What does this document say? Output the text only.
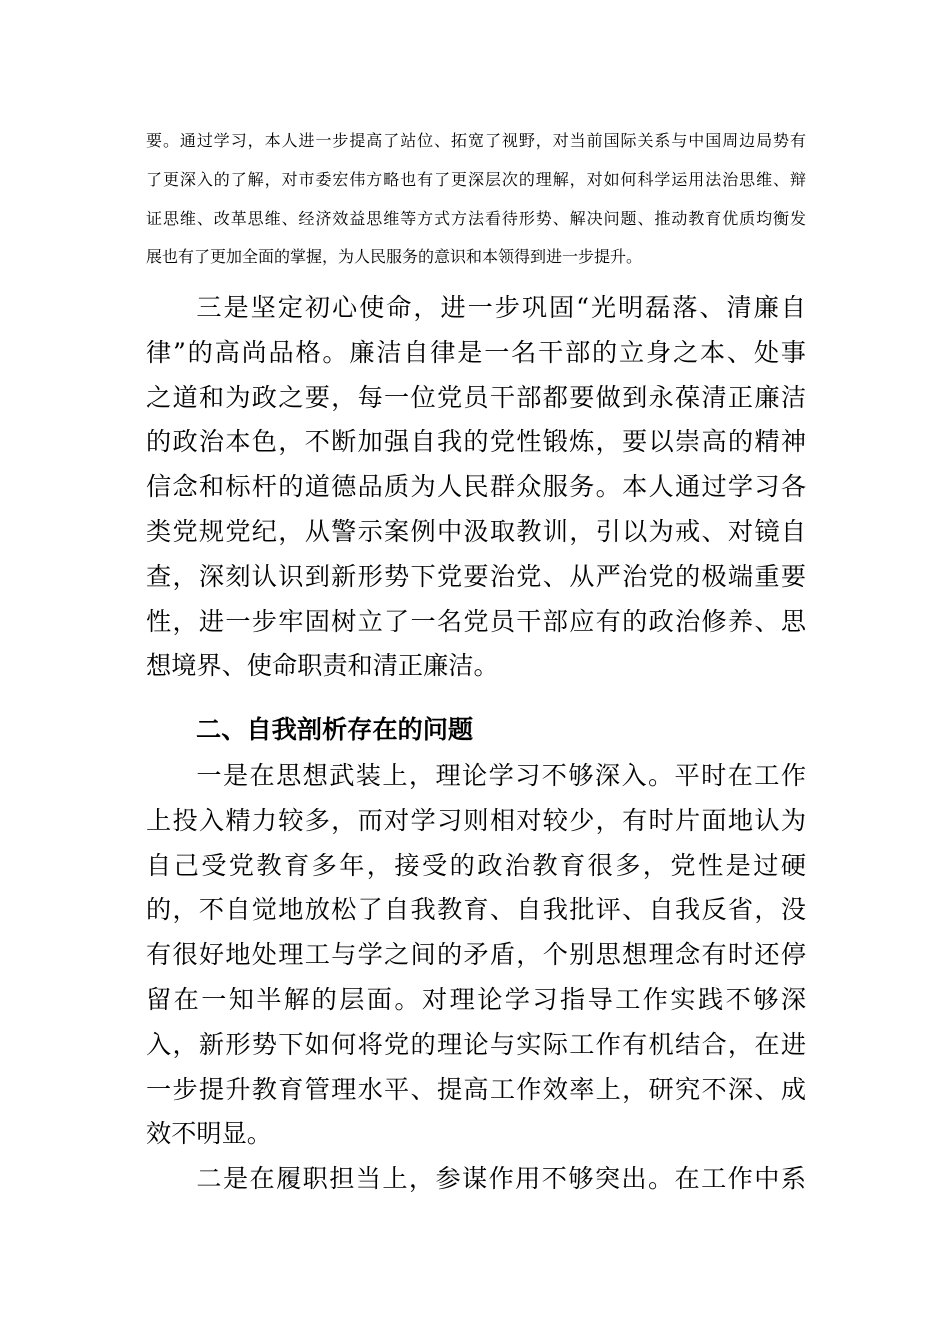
要。通过学习，本人进一步提高了站位、拓宽了视野，对当前国际关系与中国周边局势有
了更深入的了解，对市委宏伟方略也有了更深层次的理解，对如何科学运用法治思维、辩
证思维、改革思维、经济效益思维等方式方法看待形势、解决问题、推动教育优质均衡发
展也有了更加全面的掌握，为人民服务的意识和本领得到进一步提升。
三是坚定初心使命，进一步巩固“光明磊落、清廉自
律”的高尚品格。廉洁自律是一名干部的立身之本、处事
之道和为政之要，每一位党员干部都要做到永葆清正廉洁
的政治本色，不断加强自我的党性锻炼，要以崇高的精神
信念和标杆的道德品质为人民群众服务。本人通过学习各
类党规党纪，从警示案例中汲取教训，引以为戒、对镜自
查，深刻认识到新形势下党要治党、从严治党的极端重要
性，进一步牢固树立了一名党员干部应有的政治修养、思
想境界、使命职责和清正廉洁。
二、自我剖析存在的问题
一是在思想武装上，理论学习不够深入。平时在工作
上投入精力较多，而对学习则相对较少，有时片面地认为
自己受党教育多年，接受的政治教育很多，党性是过硬
的，不自觉地放松了自我教育、自我批评、自我反省，没
有很好地处理工与学之间的矛盾，个别思想理念有时还停
留在一知半解的层面。对理论学习指导工作实践不够深
入，新形势下如何将党的理论与实际工作有机结合，在进
一步提升教育管理水平、提高工作效率上，研究不深、成
效不明显。
二是在履职担当上，参谋作用不够突出。在工作中系
